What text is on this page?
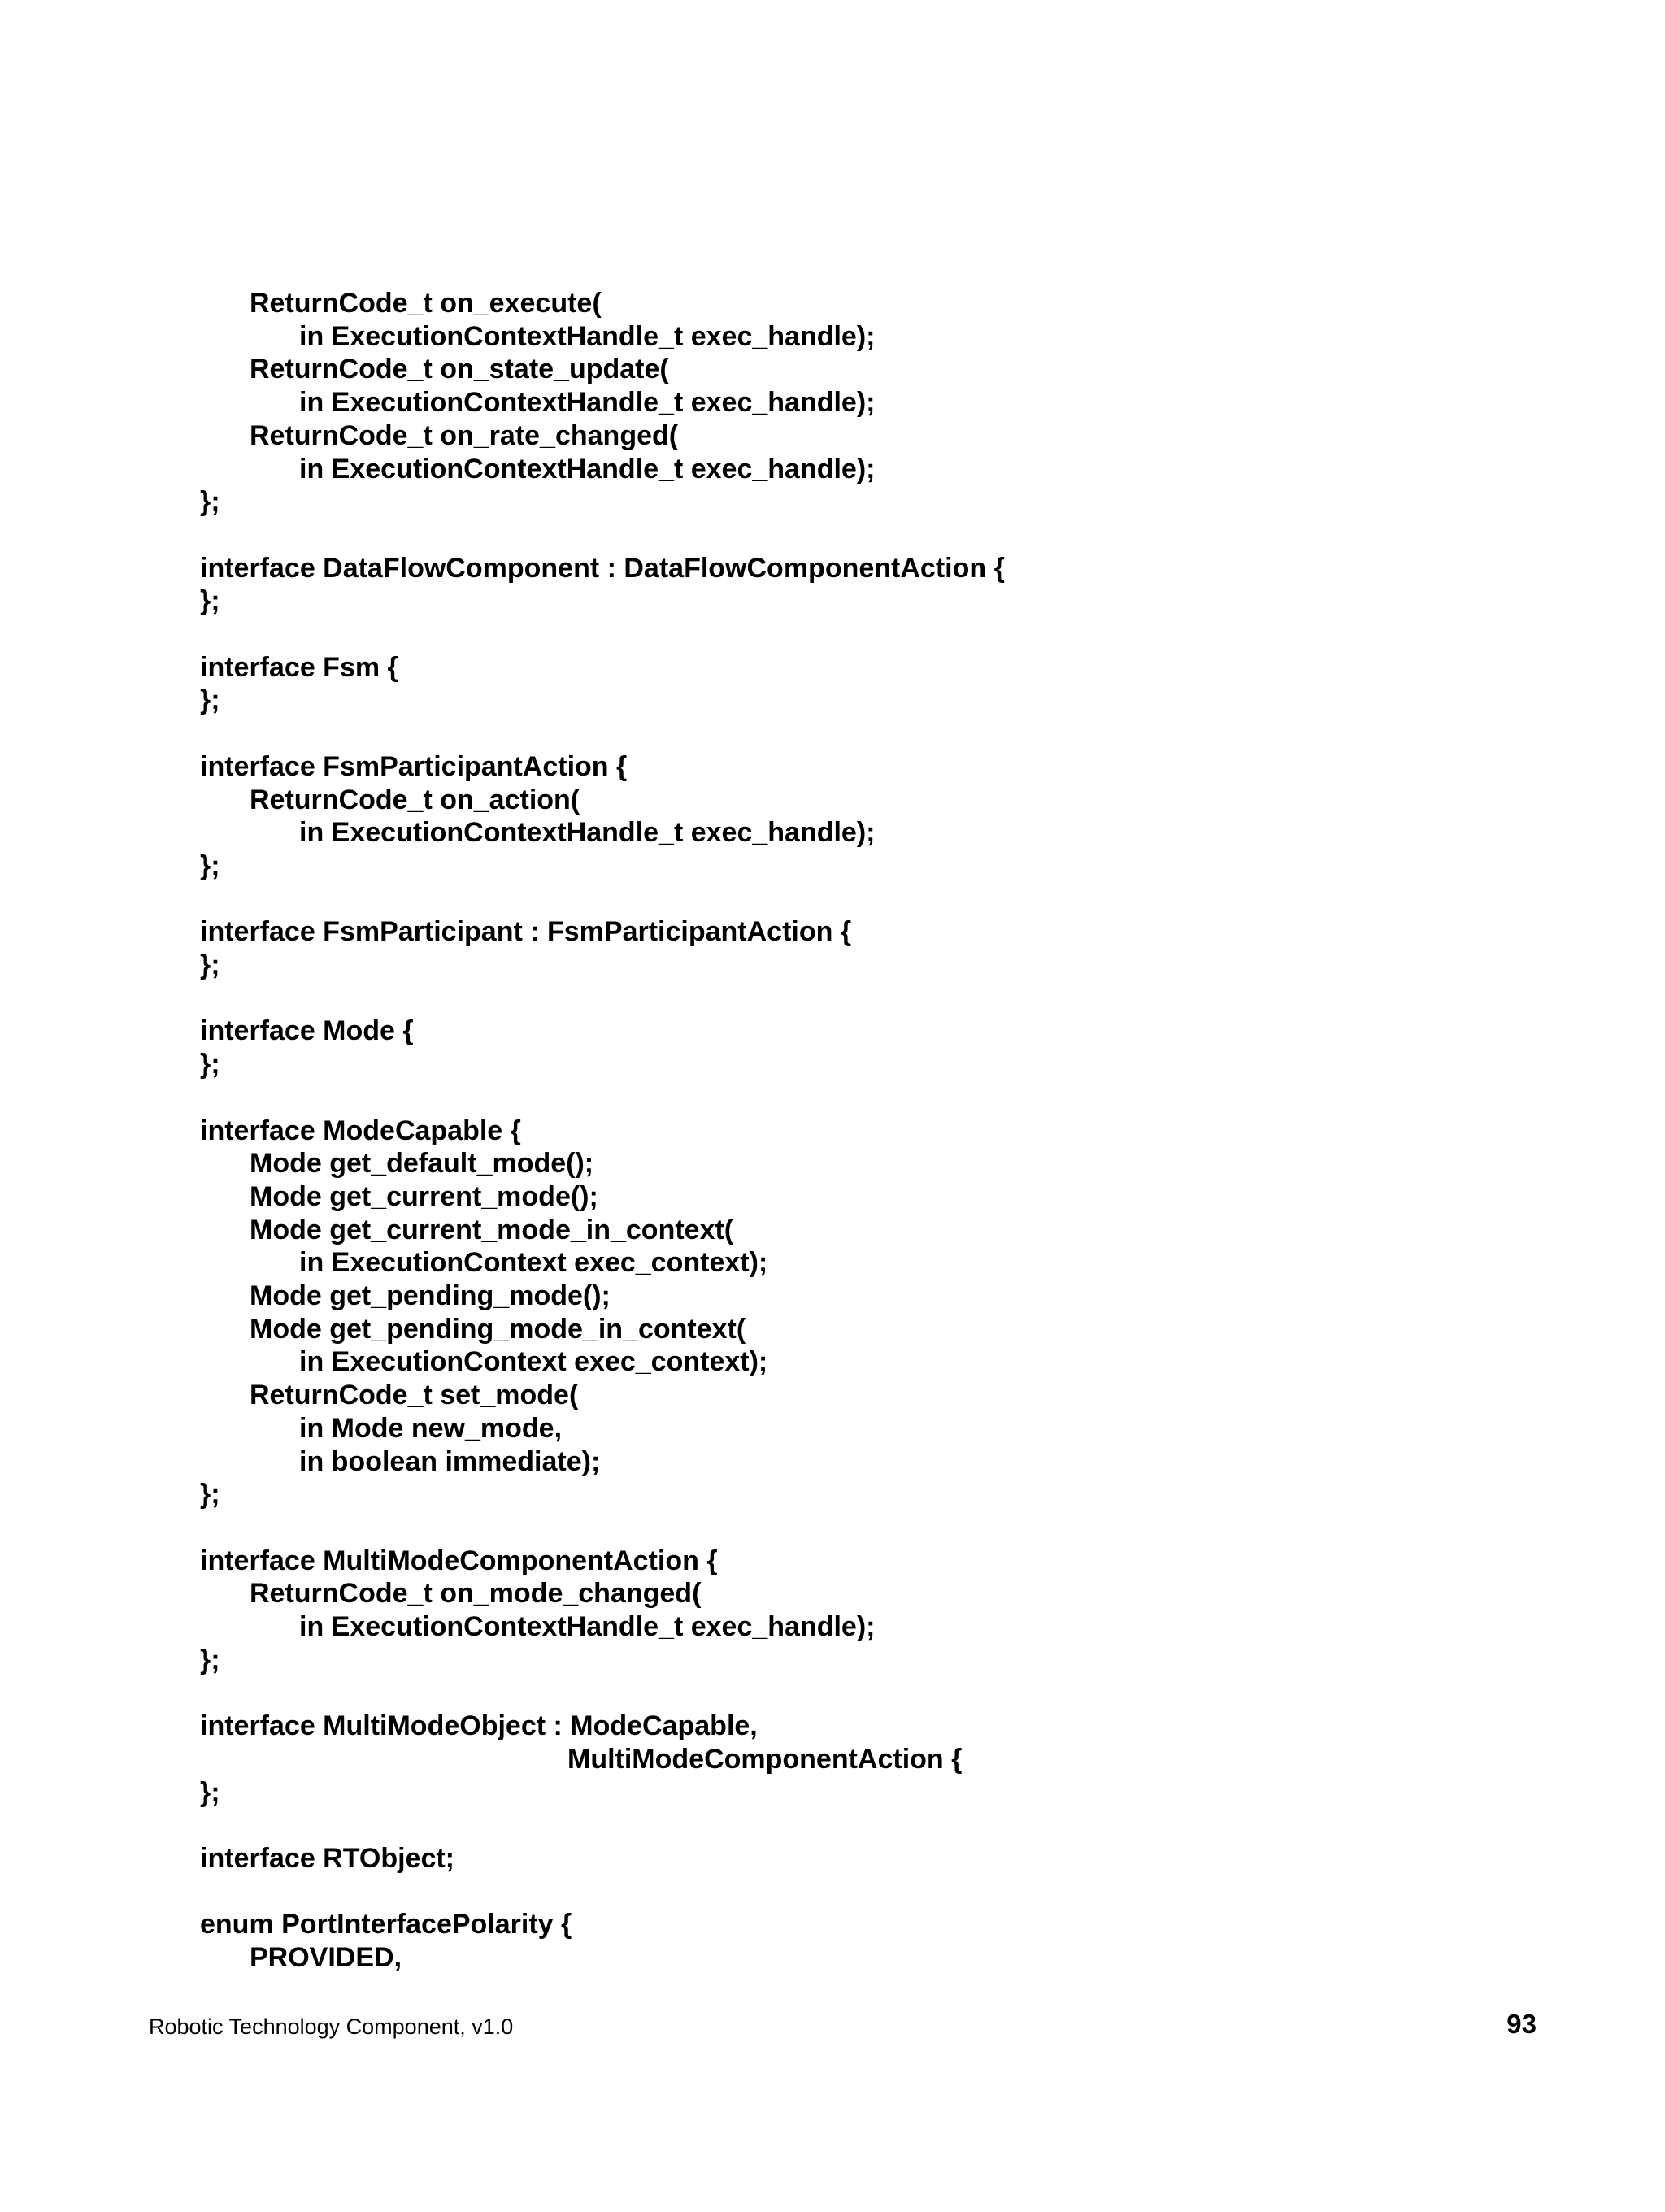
ReturnCode_t on_execute(
in ExecutionContextHandle_t exec_handle);
ReturnCode_t on_state_update(
in ExecutionContextHandle_t exec_handle);
ReturnCode_t on_rate_changed(
in ExecutionContextHandle_t exec_handle);
};
interface DataFlowComponent : DataFlowComponentAction {
};
interface Fsm {
};
interface FsmParticipantAction {
ReturnCode_t on_action(
in ExecutionContextHandle_t exec_handle);
};
interface FsmParticipant : FsmParticipantAction {
};
interface Mode {
};
interface ModeCapable {
Mode get_default_mode();
Mode get_current_mode();
Mode get_current_mode_in_context(
in ExecutionContext exec_context);
Mode get_pending_mode();
Mode get_pending_mode_in_context(
in ExecutionContext exec_context);
ReturnCode_t set_mode(
in Mode new_mode,
in boolean immediate);
};
interface MultiModeComponentAction {
ReturnCode_t on_mode_changed(
in ExecutionContextHandle_t exec_handle);
};
interface MultiModeObject : ModeCapable,
MultiModeComponentAction {
};
interface RTObject;
enum PortInterfacePolarity {
PROVIDED,
Robotic Technology Component, v1.0	93
